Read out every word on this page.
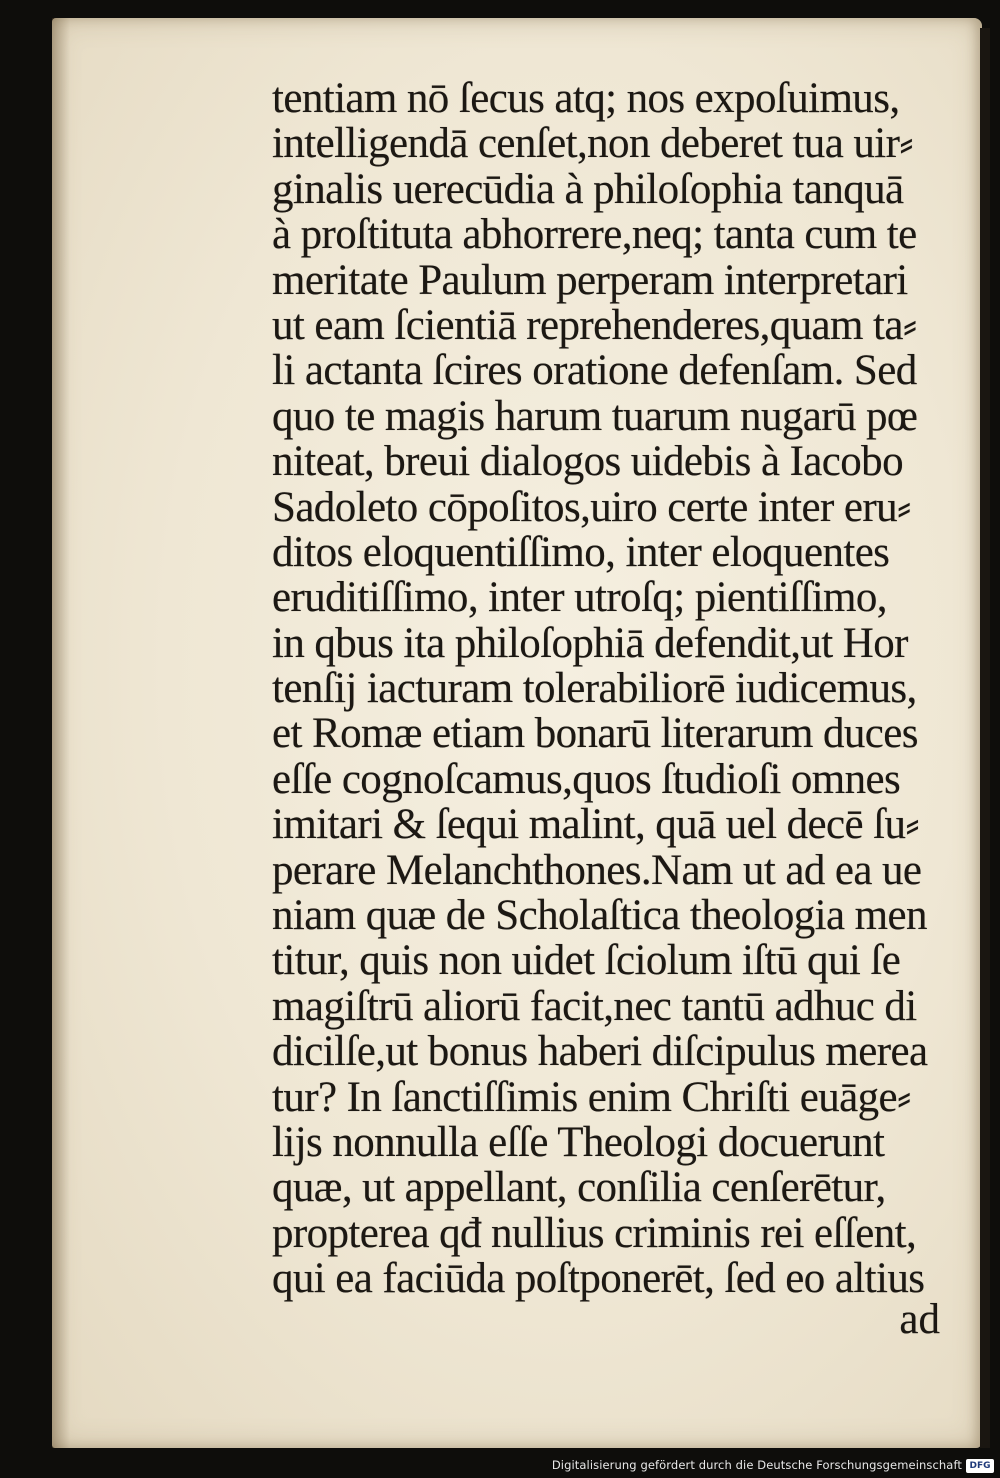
tentiam nō ſecus atq; nos expoſuimus,
intelligendā cenſet,non deberet tua uir⸗
ginalis uerecūdia à philoſophia tanquā
à proſtituta abhorrere,neq; tanta cum te
meritate Paulum perperam interpretari
ut eam ſcientiā reprehenderes,quam ta⸗
li actanta ſcires oratione defenſam. Sed
quo te magis harum tuarum nugarū pœ
niteat, breui dialogos uidebis à Iacobo
Sadoleto cōpoſitos,uiro certe inter eru⸗
ditos eloquentiſſimo, inter eloquentes
eruditiſſimo, inter utroſq; pientiſſimo,
in qbus ita philoſophiā defendit,ut Hor
tenſij iacturam tolerabiliorē iudicemus,
et Romæ etiam bonarū literarum duces
eſſe cognoſcamus,quos ſtudioſi omnes
imitari & ſequi malint, quā uel decē ſu⸗
perare Melanchthones.Nam ut ad ea ue
niam quæ de Scholaſtica theologia men
titur, quis non uidet ſciolum iſtū qui ſe
magiſtrū aliorū facit,nec tantū adhuc di
dicilſe,ut bonus haberi diſcipulus merea
tur? In ſanctiſſimis enim Chriſti euāge⸗
lijs nonnulla eſſe Theologi docuerunt
quæ, ut appellant, conſilia cenſerētur,
propterea qđ nullius criminis rei eſſent,
qui ea faciūda poſtponerēt, ſed eo altius
ad
Digitalisierung gefördert durch die Deutsche Forschungsgemeinschaft DFG
